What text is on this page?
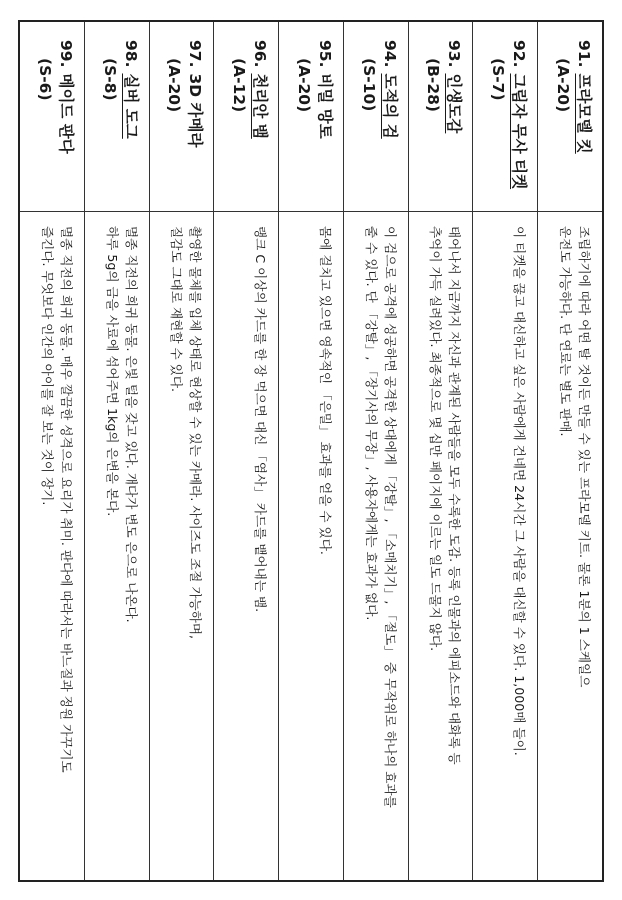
91.프라모델 킷
(A-20)
조립하기에 따라 어떤 탈 것이든 만들 수 있는 프라모델 키트. 물론 1분의 1 스케일으
운전도 가능하다. 단 연료는 별도 판매.
92.그림자 무사 티켓
(S-7)
이 티켓을 끊고 대신하고 싶은 사람에게 건네면 24시간 그 사람을 대신할 수 있다. 1,000매 들이.
93.인생도감
(B-28)
태어나서 지금까지 자신과 관계된 사람들을 모두 수록한 도감. 등록 인물과의 에피소드와 대화록 등
추억이 가득 실려있다. 최종적으로 몇 십만 페이지에 이르는 일도 드물지 않다.
94.도적의 검
(S-10)
이 검으로 공격에 성공하면 공격한 상대에게 「강탈」, 「소매치기」, 「절도」 중 무작위로 하나의 효과를
줄 수 있다. 단 「강탈」, 「장기사의 무장」, 사용자에게는 효과가 없다.
95.비밀 망토
(A-20)
몸에 걸치고 있으면 영속적인 「은밀」 효과를 얻을 수 있다.
96.천리안 뱀
(A-12)
랭크 C 이상의 카드를 한 장 먹으면 대신 「염사」 카드를 뱉어내는 뱀.
97.3D 카메라
(A-20)
촬영한 물체를 입체 상태로 현상할 수 있는 카메라. 사이즈도 조절 가능하며,
질감도 그대로 재현할 수 있다.
98.실버 도그
(S-8)
멸종 직전의 희귀 동물. 은빛 털을 갖고 있다. 개다가 변도 은으로 나온다.
하루 5g의 금을 사료에 섞어주면 1kg의 은변을 본다.
99.메이드 판다
(S-6)
멸종 직전의 희귀 동물. 매우 깔끔한 성격으로 요리가 취미. 판다에 따라서는 바느질과 정원 가꾸기도
즐긴다. 무엇보다 인간의 아이를 잘 보는 것이 장기.
